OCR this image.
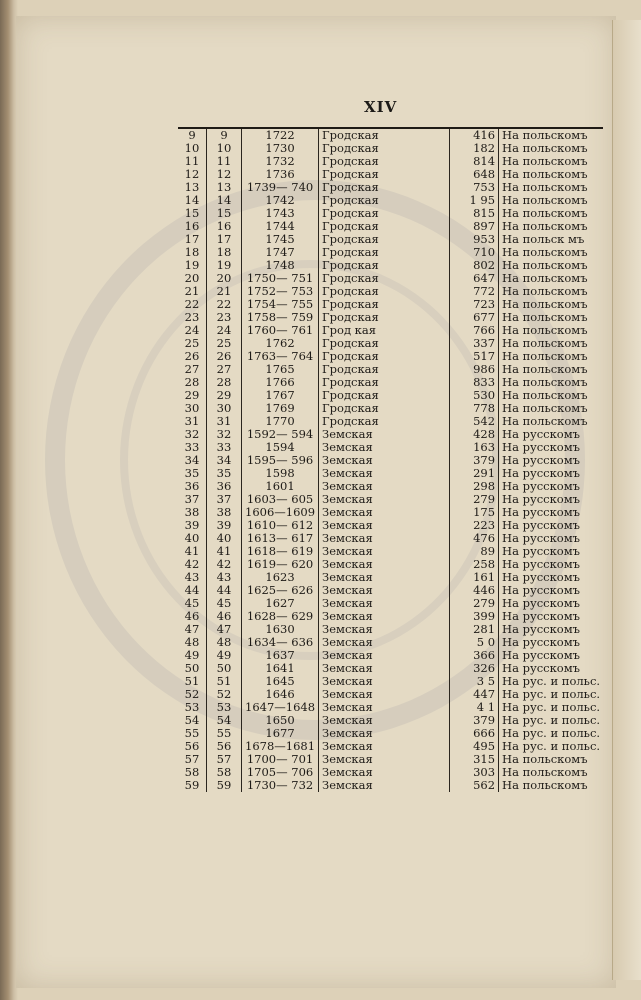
XIV
9	9	1722	Гродская	416	На польскомъ
10	10	1730	Гродская	182	На польскомъ
11	11	1732	Гродская	814	На польскомъ
12	12	1736	Гродская	648	На польскомъ
13	13	1739— 740	Гродская	753	На польскомъ
14	14	1742	Гродская	1 95	На польскомъ
15	15	1743	Гродская	815	На польскомъ
16	16	1744	Гродская	897	На польскомъ
17	17	1745	Гродская	953	На польск мъ
18	18	1747	Гродская	710	На польскомъ
19	19	1748	Гродская	802	На польскомъ
20	20	1750— 751	Гродская	647	На польскомъ
21	21	1752— 753	Гродская	772	На польскомъ
22	22	1754— 755	Гродская	723	На польскомъ
23	23	1758— 759	Гродская	677	На польскомъ
24	24	1760— 761	Грод кая	766	На польскомъ
25	25	1762	Гродская	337	На польскомъ
26	26	1763— 764	Гродская	517	На польскомъ
27	27	1765	Гродская	986	На польскомъ
28	28	1766	Гродская	833	На польскомъ
29	29	1767	Гродская	530	На польскомъ
30	30	1769	Гродская	778	На польскомъ
31	31	1770	Гродская	542	На польскомъ
32	32	1592— 594	Земская	428	На русскомъ
33	33	1594	Земская	163	На русскомъ
34	34	1595— 596	Земская	379	На русскомъ
35	35	1598	Земская	291	На русскомъ
36	36	1601	Земская	298	На русскомъ
37	37	1603— 605	Земская	279	На русскомъ
38	38	1606—1609	Земская	175	На русскомъ
39	39	1610— 612	Земская	223	На русскомъ
40	40	1613— 617	Земская	476	На русскомъ
41	41	1618— 619	Земская	89	На русскомъ
42	42	1619— 620	Земская	258	На русскомъ
43	43	1623	Земская	161	На русскомъ
44	44	1625— 626	Земская	446	На русскомъ
45	45	1627	Земская	279	На русскомъ
46	46	1628— 629	Земская	399	На русскомъ
47	47	1630	Земская	281	На русскомъ
48	48	1634— 636	Земская	5 0	На русскомъ
49	49	1637	Земская	366	На русскомъ
50	50	1641	Земская	326	На русскомъ
51	51	1645	Земская	3 5	На рус. и польс.
52	52	1646	Земская	447	На рус. и польс.
53	53	1647—1648	Земская	4 1	На рус. и польс.
54	54	1650	Земская	379	На рус. и польс.
55	55	1677	Земская	666	На рус. и польс.
56	56	1678—1681	Земская	495	На рус. и польс.
57	57	1700— 701	Земская	315	На польскомъ
58	58	1705— 706	Земская	303	На польскомъ
59	59	1730— 732	Земская	562	На польскомъ
